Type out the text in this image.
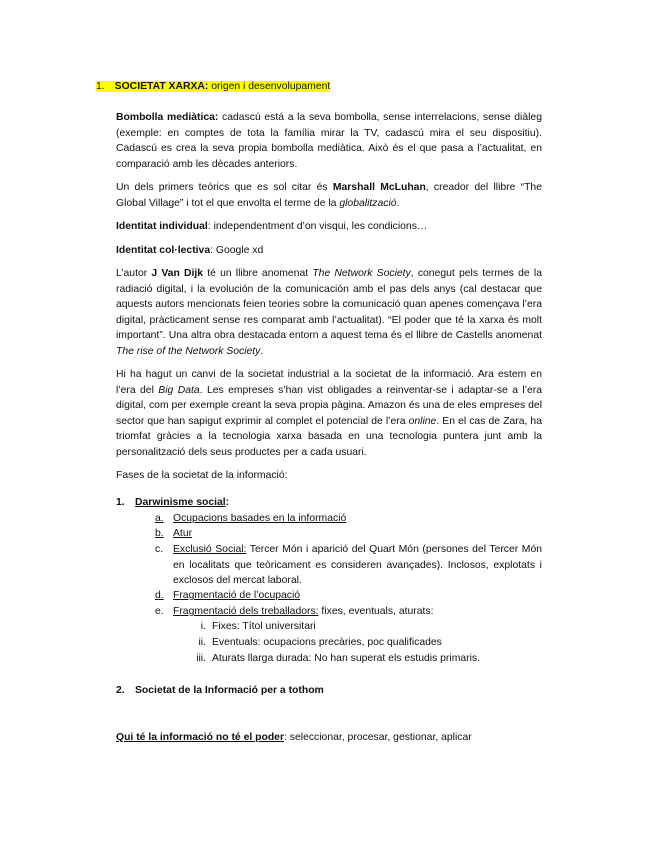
1. SOCIETAT XARXA: origen i desenvolupament
Bombolla mediàtica: cadascú está a la seva bombolla, sense interrelacions, sense diàleg (exemple: en comptes de tota la família mirar la TV, cadascú mira el seu dispositiu). Cadascú es crea la seva propia bombolla mediàtica. Això és el que pasa a l’actualitat, en comparació amb les dècades anteriors.
Un dels primers teòrics que es sol citar és Marshall McLuhan, creador del llibre “The Global Village” i tot el que envolta el terme de la globalització.
Identitat individual: independentment d’on visqui, les condicions…
Identitat col·lectiva: Google xd
L’autor J Van Dijk té un llibre anomenat The Network Society, conegut pels termes de la radiació digital, i la evolución de la comunicación amb el pas dels anys (cal destacar que aquests autors mencionats feien teories sobre la comunicació quan apenes començava l’era digital, pràcticament sense res comparat amb l’actualitat). “El poder que té la xarxa és molt important”. Una altra obra destacada entorn a aquest tema és el llibre de Castells anomenat The rise of the Network Society.
Hi ha hagut un canvi de la societat industrial a la societat de la informació. Ara estem en l’era del Big Data. Les empreses s’han vist obligades a reinventar-se i adaptar-se a l’era digital, com per exemple creant la seva propia pàgina. Amazon és una de eles empreses del sector que han sapigut exprimir al complet el potencial de l’era online. En el cas de Zara, ha triomfat gràcies a la tecnologia xarxa basada en una tecnologia puntera junt amb la personalització dels seus productes per a cada usuari.
Fases de la societat de la informació:
1. Darwinisme social:
a. Ocupacions basades en la informació
b. Atur
c. Exclusió Social: Tercer Món i aparició del Quart Món (persones del Tercer Món en localitats que teòricament es consideren avançades). Inclosos, explotats i exclosos del mercat laboral.
d. Fragmentació de l’ocupació
e. Fragmentació dels treballadors: fixes, eventuals, aturats:
i. Fixes: Títol universitari
ii. Eventuals: ocupacions precàries, poc qualificades
iii. Aturats llarga durada: No han superat els estudis primaris.
2. Societat de la Informació per a tothom
Qui té la informació no té el poder: seleccionar, procesar, gestionar, aplicar
